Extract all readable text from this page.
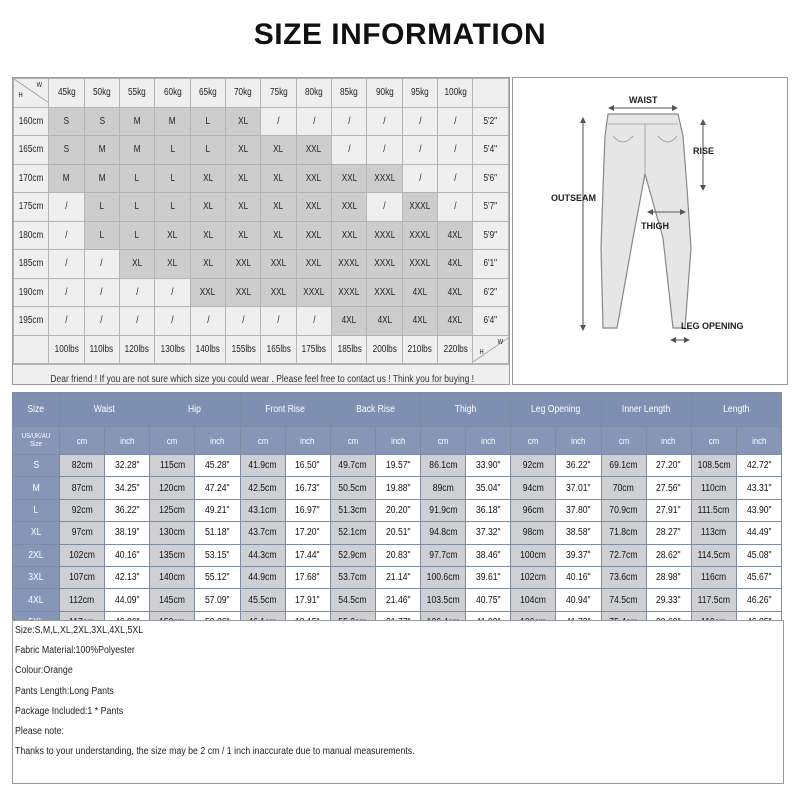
SIZE INFORMATION
H
W	45kg	50kg	55kg	60kg	65kg	70kg	75kg	80kg	85kg	90kg	95kg	100kg	
160cm	S	S	M	M	L	XL	/	/	/	/	/	/	5'2"
165cm	S	M	M	L	L	XL	XL	XXL	/	/	/	/	5'4"
170cm	M	M	L	L	XL	XL	XL	XXL	XXL	XXXL	/	/	5'6"
175cm	/	L	L	L	XL	XL	XL	XXL	XXL	/	XXXL	/	5'7"
180cm	/	L	L	XL	XL	XL	XL	XXL	XXL	XXXL	XXXL	4XL	5'9"
185cm	/	/	XL	XL	XL	XXL	XXL	XXL	XXXL	XXXL	XXXL	4XL	6'1"
190cm	/	/	/	/	XXL	XXL	XXL	XXXL	XXXL	XXXL	4XL	4XL	6'2"
195cm	/	/	/	/	/	/	/	/	4XL	4XL	4XL	4XL	6'4"
	100lbs	110lbs	120lbs	130lbs	140lbs	155lbs	165lbs	175lbs	185lbs	200lbs	210lbs	220lbs	H
W
Dear friend ! If you are not sure which size you could wear . Please feel free to contact us ! Think you for buying !
WAIST
RISE
OUTSEAM
THIGH
LEG OPENING
Size	Waist		Hip		Front Rise		Back Rise		Thigh		Leg Opening		Inner Length		Length	
US/UK/AU Size	cm	inch	cm	inch	cm	inch	cm	inch	cm	inch	cm	inch	cm	inch	cm	inch
S	82cm	32.28"	115cm	45.28"	41.9cm	16.50"	49.7cm	19.57"	86.1cm	33.90"	92cm	36.22"	69.1cm	27.20"	108.5cm	42.72"
M	87cm	34.25"	120cm	47.24"	42.5cm	16.73"	50.5cm	19.88"	89cm	35.04"	94cm	37.01"	70cm	27.56"	110cm	43.31"
L	92cm	36.22"	125cm	49.21"	43.1cm	16.97"	51.3cm	20.20"	91.9cm	36.18"	96cm	37.80"	70.9cm	27.91"	111.5cm	43.90"
XL	97cm	38.19"	130cm	51.18"	43.7cm	17.20"	52.1cm	20.51"	94.8cm	37.32"	98cm	38.58"	71.8cm	28.27"	113cm	44.49"
2XL	102cm	40.16"	135cm	53.15"	44.3cm	17.44"	52.9cm	20.83"	97.7cm	38.46"	100cm	39.37"	72.7cm	28.62"	114.5cm	45.08"
3XL	107cm	42.13"	140cm	55.12"	44.9cm	17.68"	53.7cm	21.14"	100.6cm	39.61"	102cm	40.16"	73.6cm	28.98"	116cm	45.67"
4XL	112cm	44.09"	145cm	57.09"	45.5cm	17.91"	54.5cm	21.46"	103.5cm	40.75"	104cm	40.94"	74.5cm	29.33"	117.5cm	46.26"

Size:S,M,L,XL,2XL,3XL,4XL,5XL
Fabric Material:100%Polyester
Colour:Orange
Pants Length:Long Pants
Package Included:1 * Pants
Please note:
Thanks to your understanding, the size may be 2 cm / 1 inch inaccurate due to manual measurements.
